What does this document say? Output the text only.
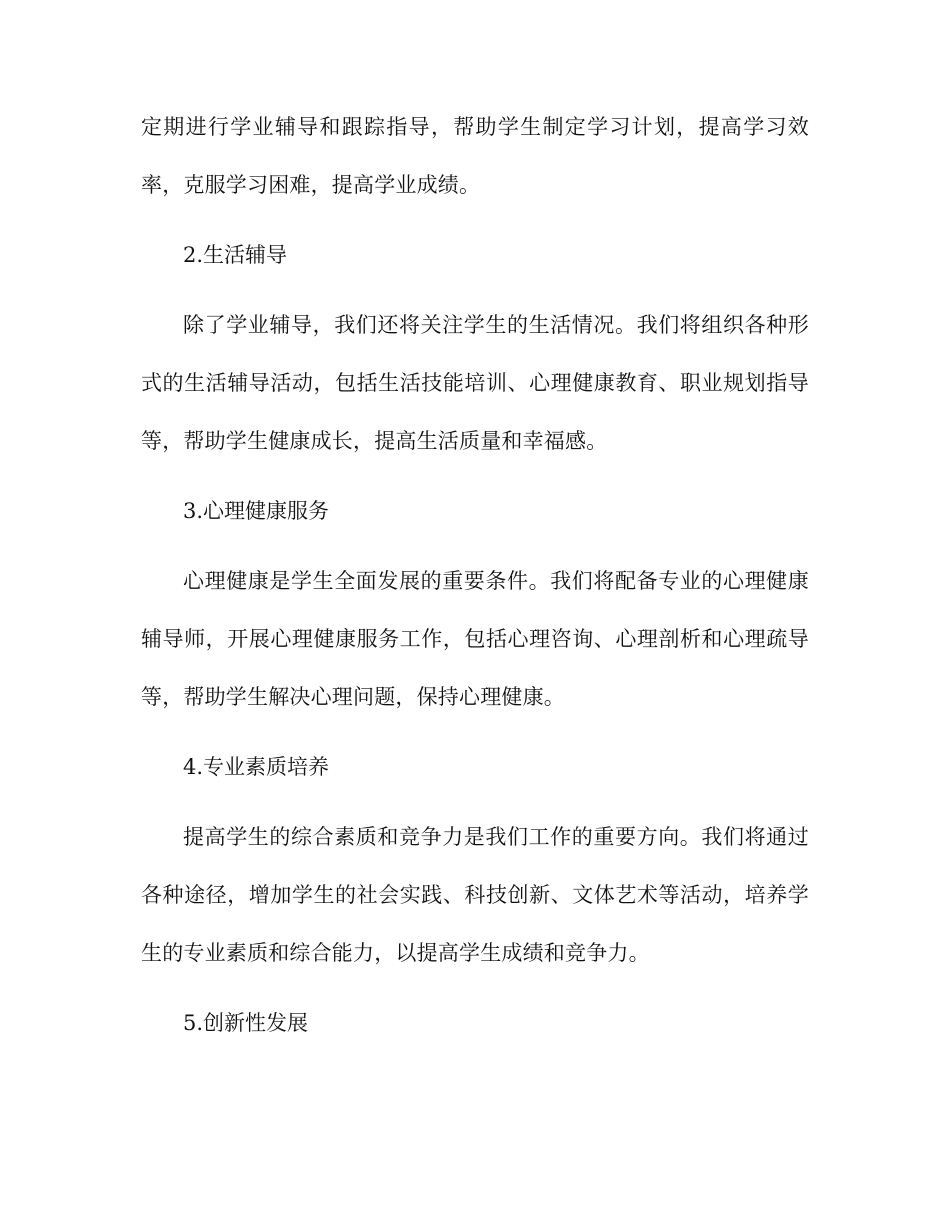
定期进行学业辅导和跟踪指导，帮助学生制定学习计划，提高学习效率，克服学习困难，提高学业成绩。

2.生活辅导

除了学业辅导，我们还将关注学生的生活情况。我们将组织各种形式的生活辅导活动，包括生活技能培训、心理健康教育、职业规划指导等，帮助学生健康成长，提高生活质量和幸福感。

3.心理健康服务

心理健康是学生全面发展的重要条件。我们将配备专业的心理健康辅导师，开展心理健康服务工作，包括心理咨询、心理剖析和心理疏导等，帮助学生解决心理问题，保持心理健康。

4.专业素质培养

提高学生的综合素质和竞争力是我们工作的重要方向。我们将通过各种途径，增加学生的社会实践、科技创新、文体艺术等活动，培养学生的专业素质和综合能力，以提高学生成绩和竞争力。

5.创新性发展
